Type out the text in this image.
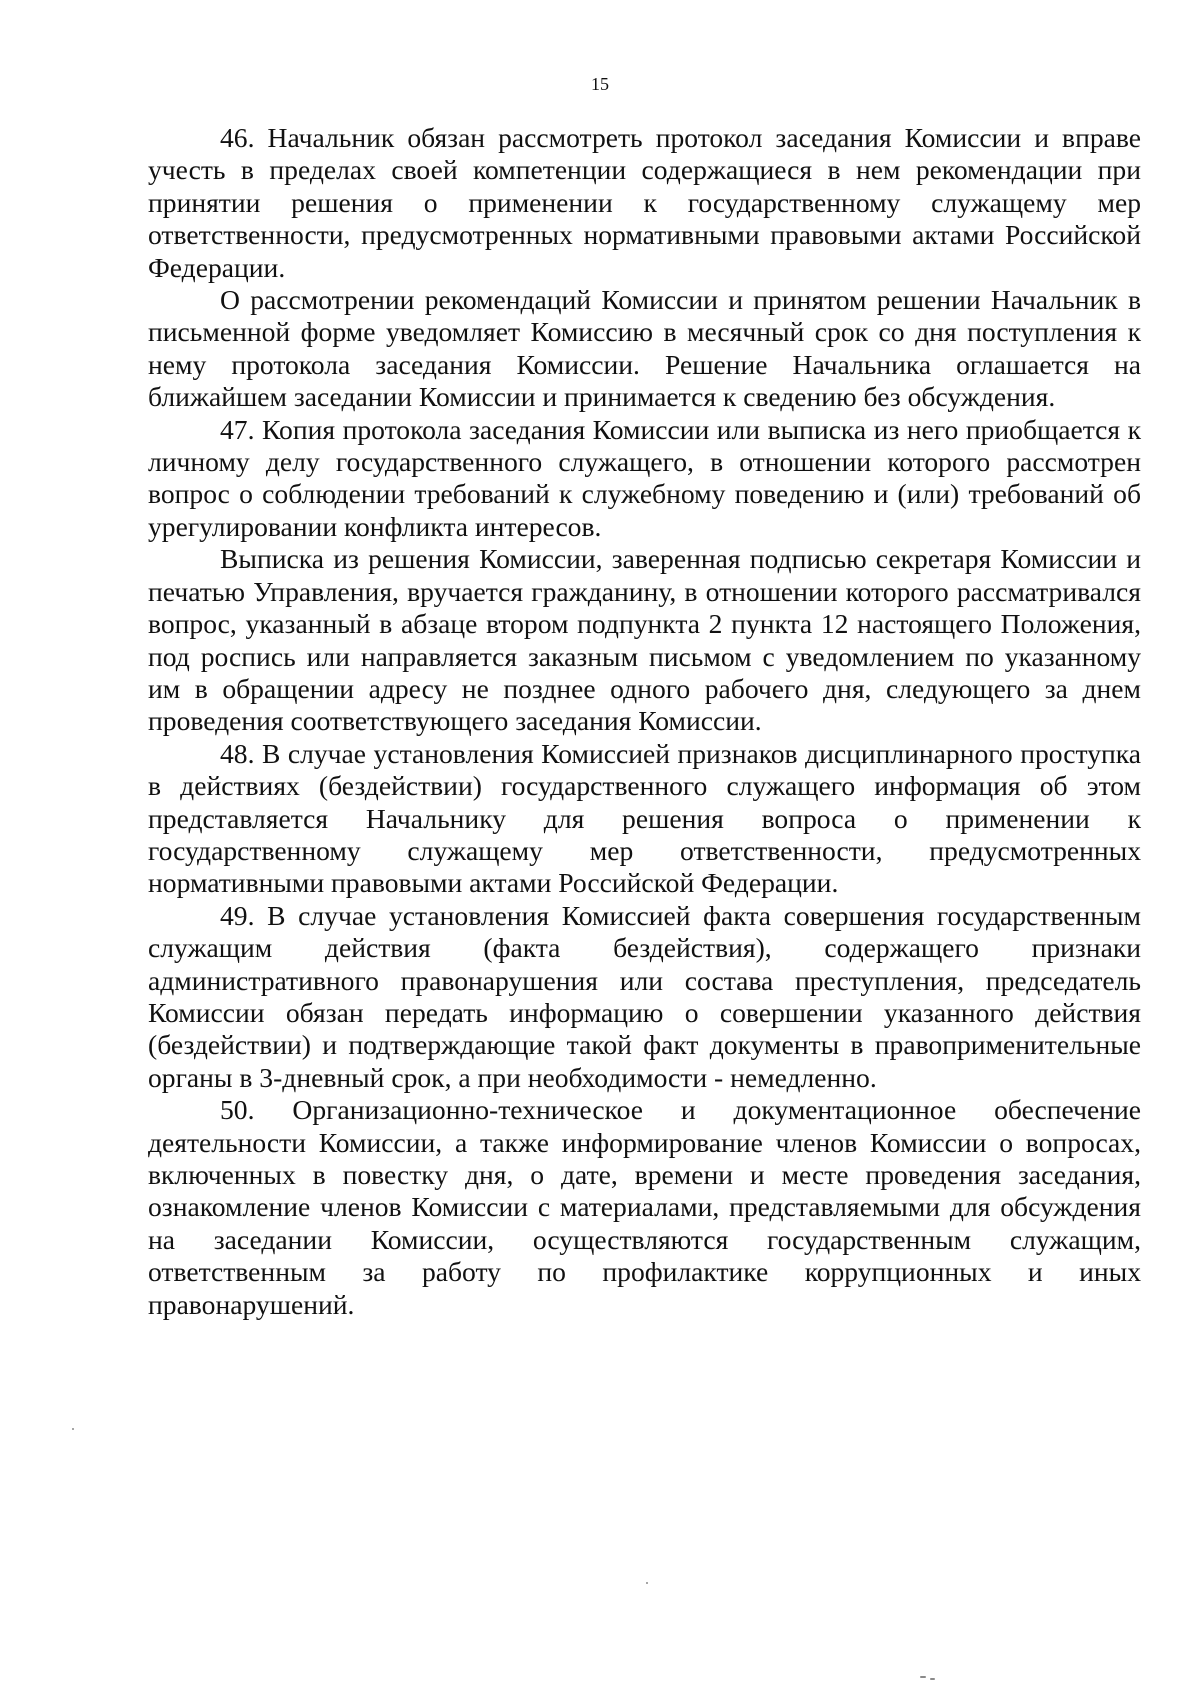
15

46. Начальник обязан рассмотреть протокол заседания Комиссии и вправе учесть в пределах своей компетенции содержащиеся в нем рекомендации при принятии решения о применении к государственному служащему мер ответственности, предусмотренных нормативными правовыми актами Российской Федерации.

О рассмотрении рекомендаций Комиссии и принятом решении Начальник в письменной форме уведомляет Комиссию в месячный срок со дня поступления к нему протокола заседания Комиссии. Решение Начальника оглашается на ближайшем заседании Комиссии и принимается к сведению без обсуждения.

47. Копия протокола заседания Комиссии или выписка из него приобщается к личному делу государственного служащего, в отношении которого рассмотрен вопрос о соблюдении требований к служебному поведению и (или) требований об урегулировании конфликта интересов.

Выписка из решения Комиссии, заверенная подписью секретаря Комиссии и печатью Управления, вручается гражданину, в отношении которого рассматривался вопрос, указанный в абзаце втором подпункта 2 пункта 12 настоящего Положения, под роспись или направляется заказным письмом с уведомлением по указанному им в обращении адресу не позднее одного рабочего дня, следующего за днем проведения соответствующего заседания Комиссии.

48. В случае установления Комиссией признаков дисциплинарного проступка в действиях (бездействии) государственного служащего информация об этом представляется Начальнику для решения вопроса о применении к государственному служащему мер ответственности, предусмотренных нормативными правовыми актами Российской Федерации.

49. В случае установления Комиссией факта совершения государственным служащим действия (факта бездействия), содержащего признаки административного правонарушения или состава преступления, председатель Комиссии обязан передать информацию о совершении указанного действия (бездействии) и подтверждающие такой факт документы в правоприменительные органы в 3-дневный срок, а при необходимости - немедленно.

50. Организационно-техническое и документационное обеспечение деятельности Комиссии, а также информирование членов Комиссии о вопросах, включенных в повестку дня, о дате, времени и месте проведения заседания, ознакомление членов Комиссии с материалами, представляемыми для обсуждения на заседании Комиссии, осуществляются государственным служащим, ответственным за работу по профилактике коррупционных и иных правонарушений.
